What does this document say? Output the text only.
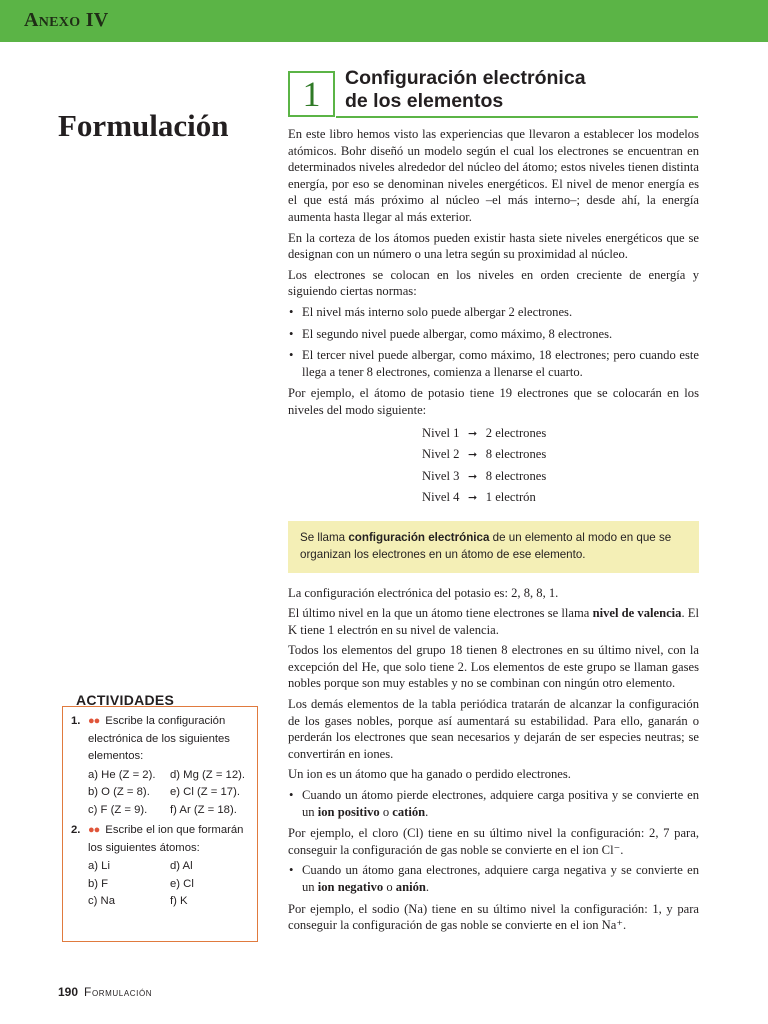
Anexo IV
Formulación
1	Configuración electrónica
de los elementos

En este libro hemos visto las experiencias que llevaron a establecer los modelos atómicos. Bohr diseñó un modelo según el cual los electrones se encuentran en determinados niveles alrededor del núcleo del átomo; estos niveles tienen distinta energía, por eso se denominan niveles energéticos. El nivel de menor energía es el que está más próximo al núcleo –el más interno–; desde ahí, la energía aumenta hasta llegar al más exterior.

En la corteza de los átomos pueden existir hasta siete niveles energéticos que se designan con un número o una letra según su proximidad al núcleo.

Los electrones se colocan en los niveles en orden creciente de energía y siguiendo ciertas normas:

• El nivel más interno solo puede albergar 2 electrones.
• El segundo nivel puede albergar, como máximo, 8 electrones.
• El tercer nivel puede albergar, como máximo, 18 electrones; pero cuando este llega a tener 8 electrones, comienza a llenarse el cuarto.

Por ejemplo, el átomo de potasio tiene 19 electrones que se colocarán en los niveles del modo siguiente:

Nivel 1 ➞ 2 electrones
Nivel 2 ➞ 8 electrones
Nivel 3 ➞ 8 electrones
Nivel 4 ➞ 1 electrón
Se llama configuración electrónica de un elemento al modo en que se organizan los electrones en un átomo de ese elemento.

La configuración electrónica del potasio es: 2, 8, 8, 1.

El último nivel en la que un átomo tiene electrones se llama nivel de valencia. El K tiene 1 electrón en su nivel de valencia.

Todos los elementos del grupo 18 tienen 8 electrones en su último nivel, con la excepción del He, que solo tiene 2. Los elementos de este grupo se llaman gases nobles porque son muy estables y no se combinan con ningún otro elemento.

Los demás elementos de la tabla periódica tratarán de alcanzar la configuración de los gases nobles, porque así aumentará su estabilidad. Para ello, ganarán o perderán los electrones que sean necesarios y dejarán de ser especies neutras; se convertirán en iones.

Un ion es un átomo que ha ganado o perdido electrones.

• Cuando un átomo pierde electrones, adquiere carga positiva y se convierte en un ion positivo o catión.

Por ejemplo, el cloro (Cl) tiene en su último nivel la configuración: 2, 7 para, conseguir la configuración de gas noble se convierte en el ion Cl⁻.

• Cuando un átomo gana electrones, adquiere carga negativa y se convierte en un ion negativo o anión.

Por ejemplo, el sodio (Na) tiene en su último nivel la configuración: 1, y para conseguir la configuración de gas noble se convierte en el ion Na⁺.

ACTIVIDADES
1. ●● Escribe la configuración electrónica de los siguientes elementos:
a) He (Z = 2).	d) Mg (Z = 12).
b) O (Z = 8).	e) Cl (Z = 17).
c) F (Z = 9).	f) Ar (Z = 18).
2. ●● Escribe el ion que formarán los siguientes átomos:
a) Li	d) Al
b) F	e) Cl
c) Na	f) K
190 Formulación
